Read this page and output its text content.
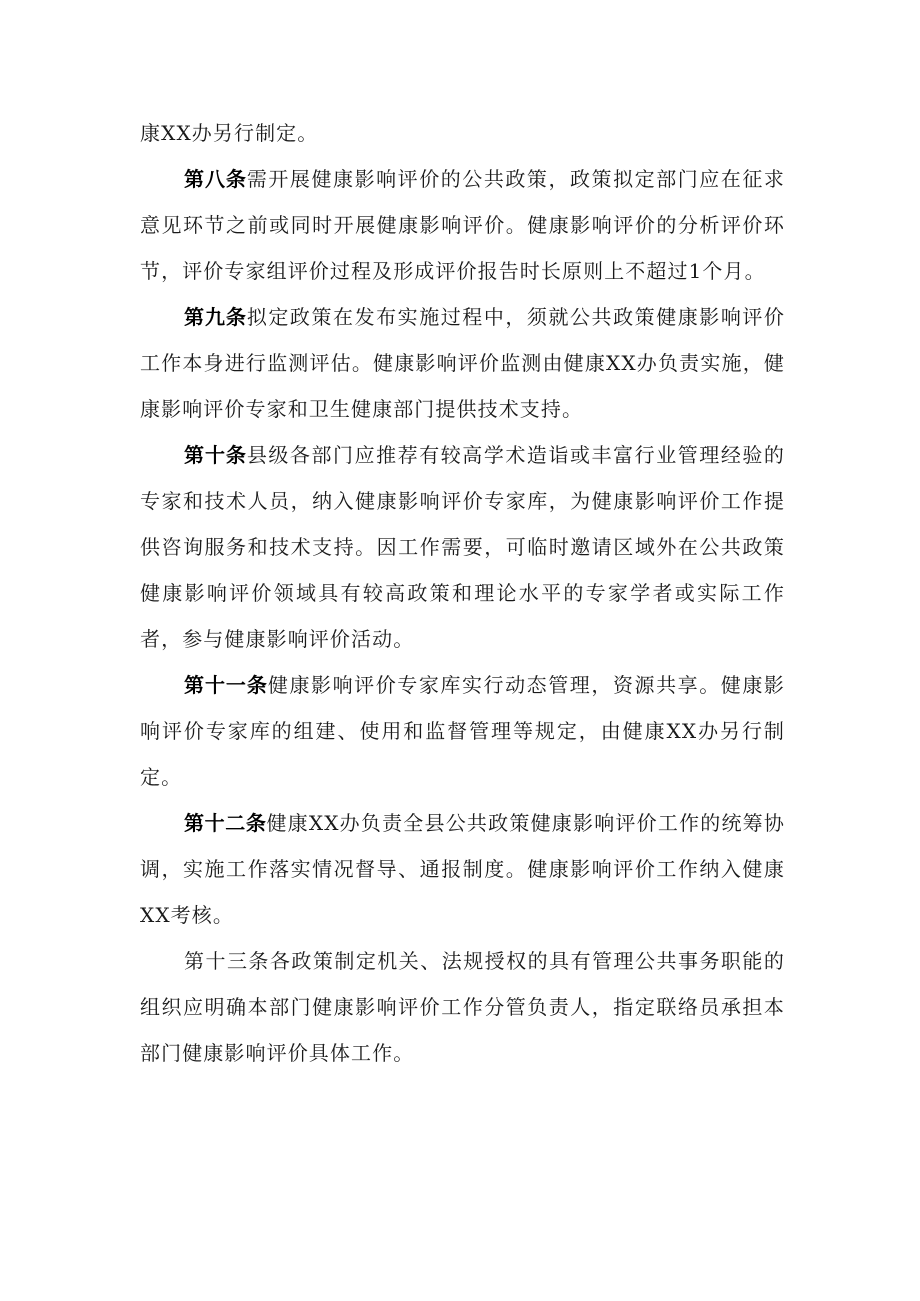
康XX办另行制定。

第八条需开展健康影响评价的公共政策，政策拟定部门应在征求意见环节之前或同时开展健康影响评价。健康影响评价的分析评价环节，评价专家组评价过程及形成评价报告时长原则上不超过1个月。

第九条拟定政策在发布实施过程中，须就公共政策健康影响评价工作本身进行监测评估。健康影响评价监测由健康XX办负责实施，健康影响评价专家和卫生健康部门提供技术支持。

第十条县级各部门应推荐有较高学术造诣或丰富行业管理经验的专家和技术人员，纳入健康影响评价专家库，为健康影响评价工作提供咨询服务和技术支持。因工作需要，可临时邀请区域外在公共政策健康影响评价领域具有较高政策和理论水平的专家学者或实际工作者，参与健康影响评价活动。

第十一条健康影响评价专家库实行动态管理，资源共享。健康影响评价专家库的组建、使用和监督管理等规定，由健康XX办另行制定。

第十二条健康XX办负责全县公共政策健康影响评价工作的统筹协调，实施工作落实情况督导、通报制度。健康影响评价工作纳入健康XX考核。

第十三条各政策制定机关、法规授权的具有管理公共事务职能的组织应明确本部门健康影响评价工作分管负责人，指定联络员承担本部门健康影响评价具体工作。
